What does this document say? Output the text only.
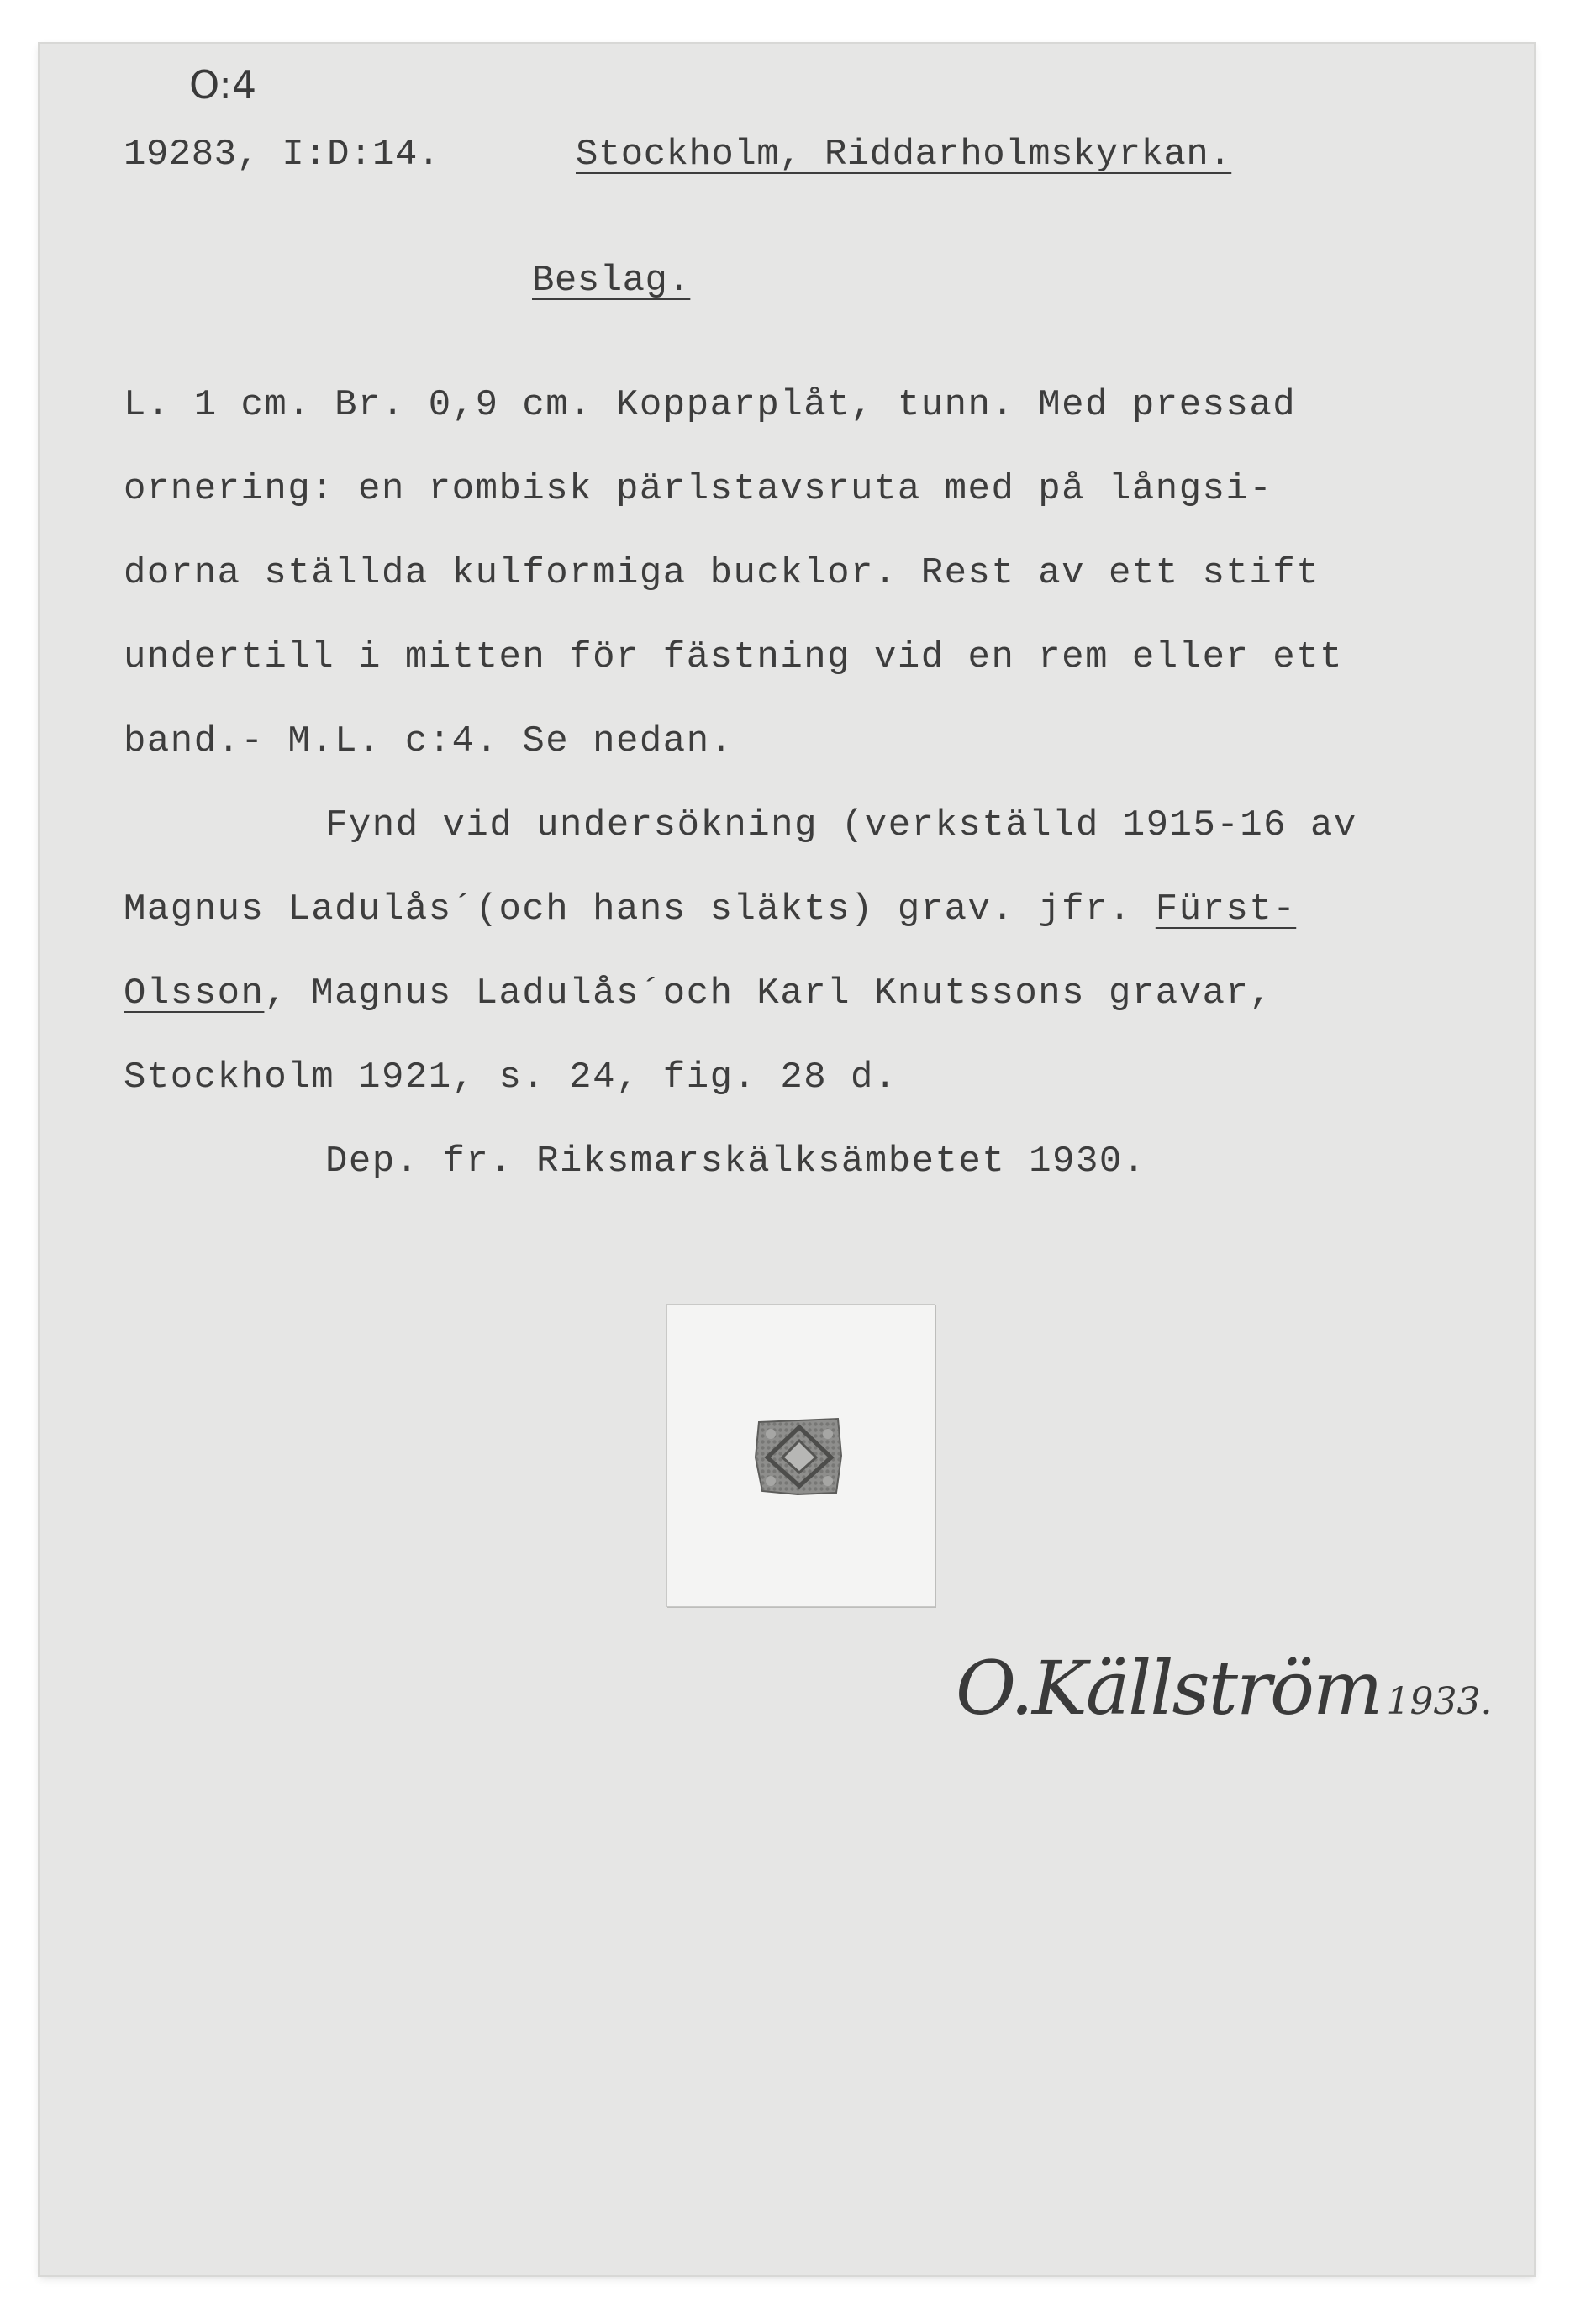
O:4
19283, I:D:14.	Stockholm, Riddarholmskyrkan.
Beslag.
L. 1 cm. Br. 0,9 cm. Kopparplåt, tunn. Med pressad
ornering: en rombisk pärlstavsruta med på långsi-
dorna ställda kulformiga bucklor. Rest av ett stift
undertill i mitten för fästning vid en rem eller ett
band.- M.L. c:4. Se nedan.
Fynd vid undersökning (verkställd 1915-16 av
Magnus Ladulås´(och hans släkts) grav. jfr. Fürst-
Olsson, Magnus Ladulås´och Karl Knutssons gravar,
Stockholm 1921, s. 24, fig. 28 d.
Dep. fr. Riksmarskälksämbetet 1930.
O.Källström 1933.
